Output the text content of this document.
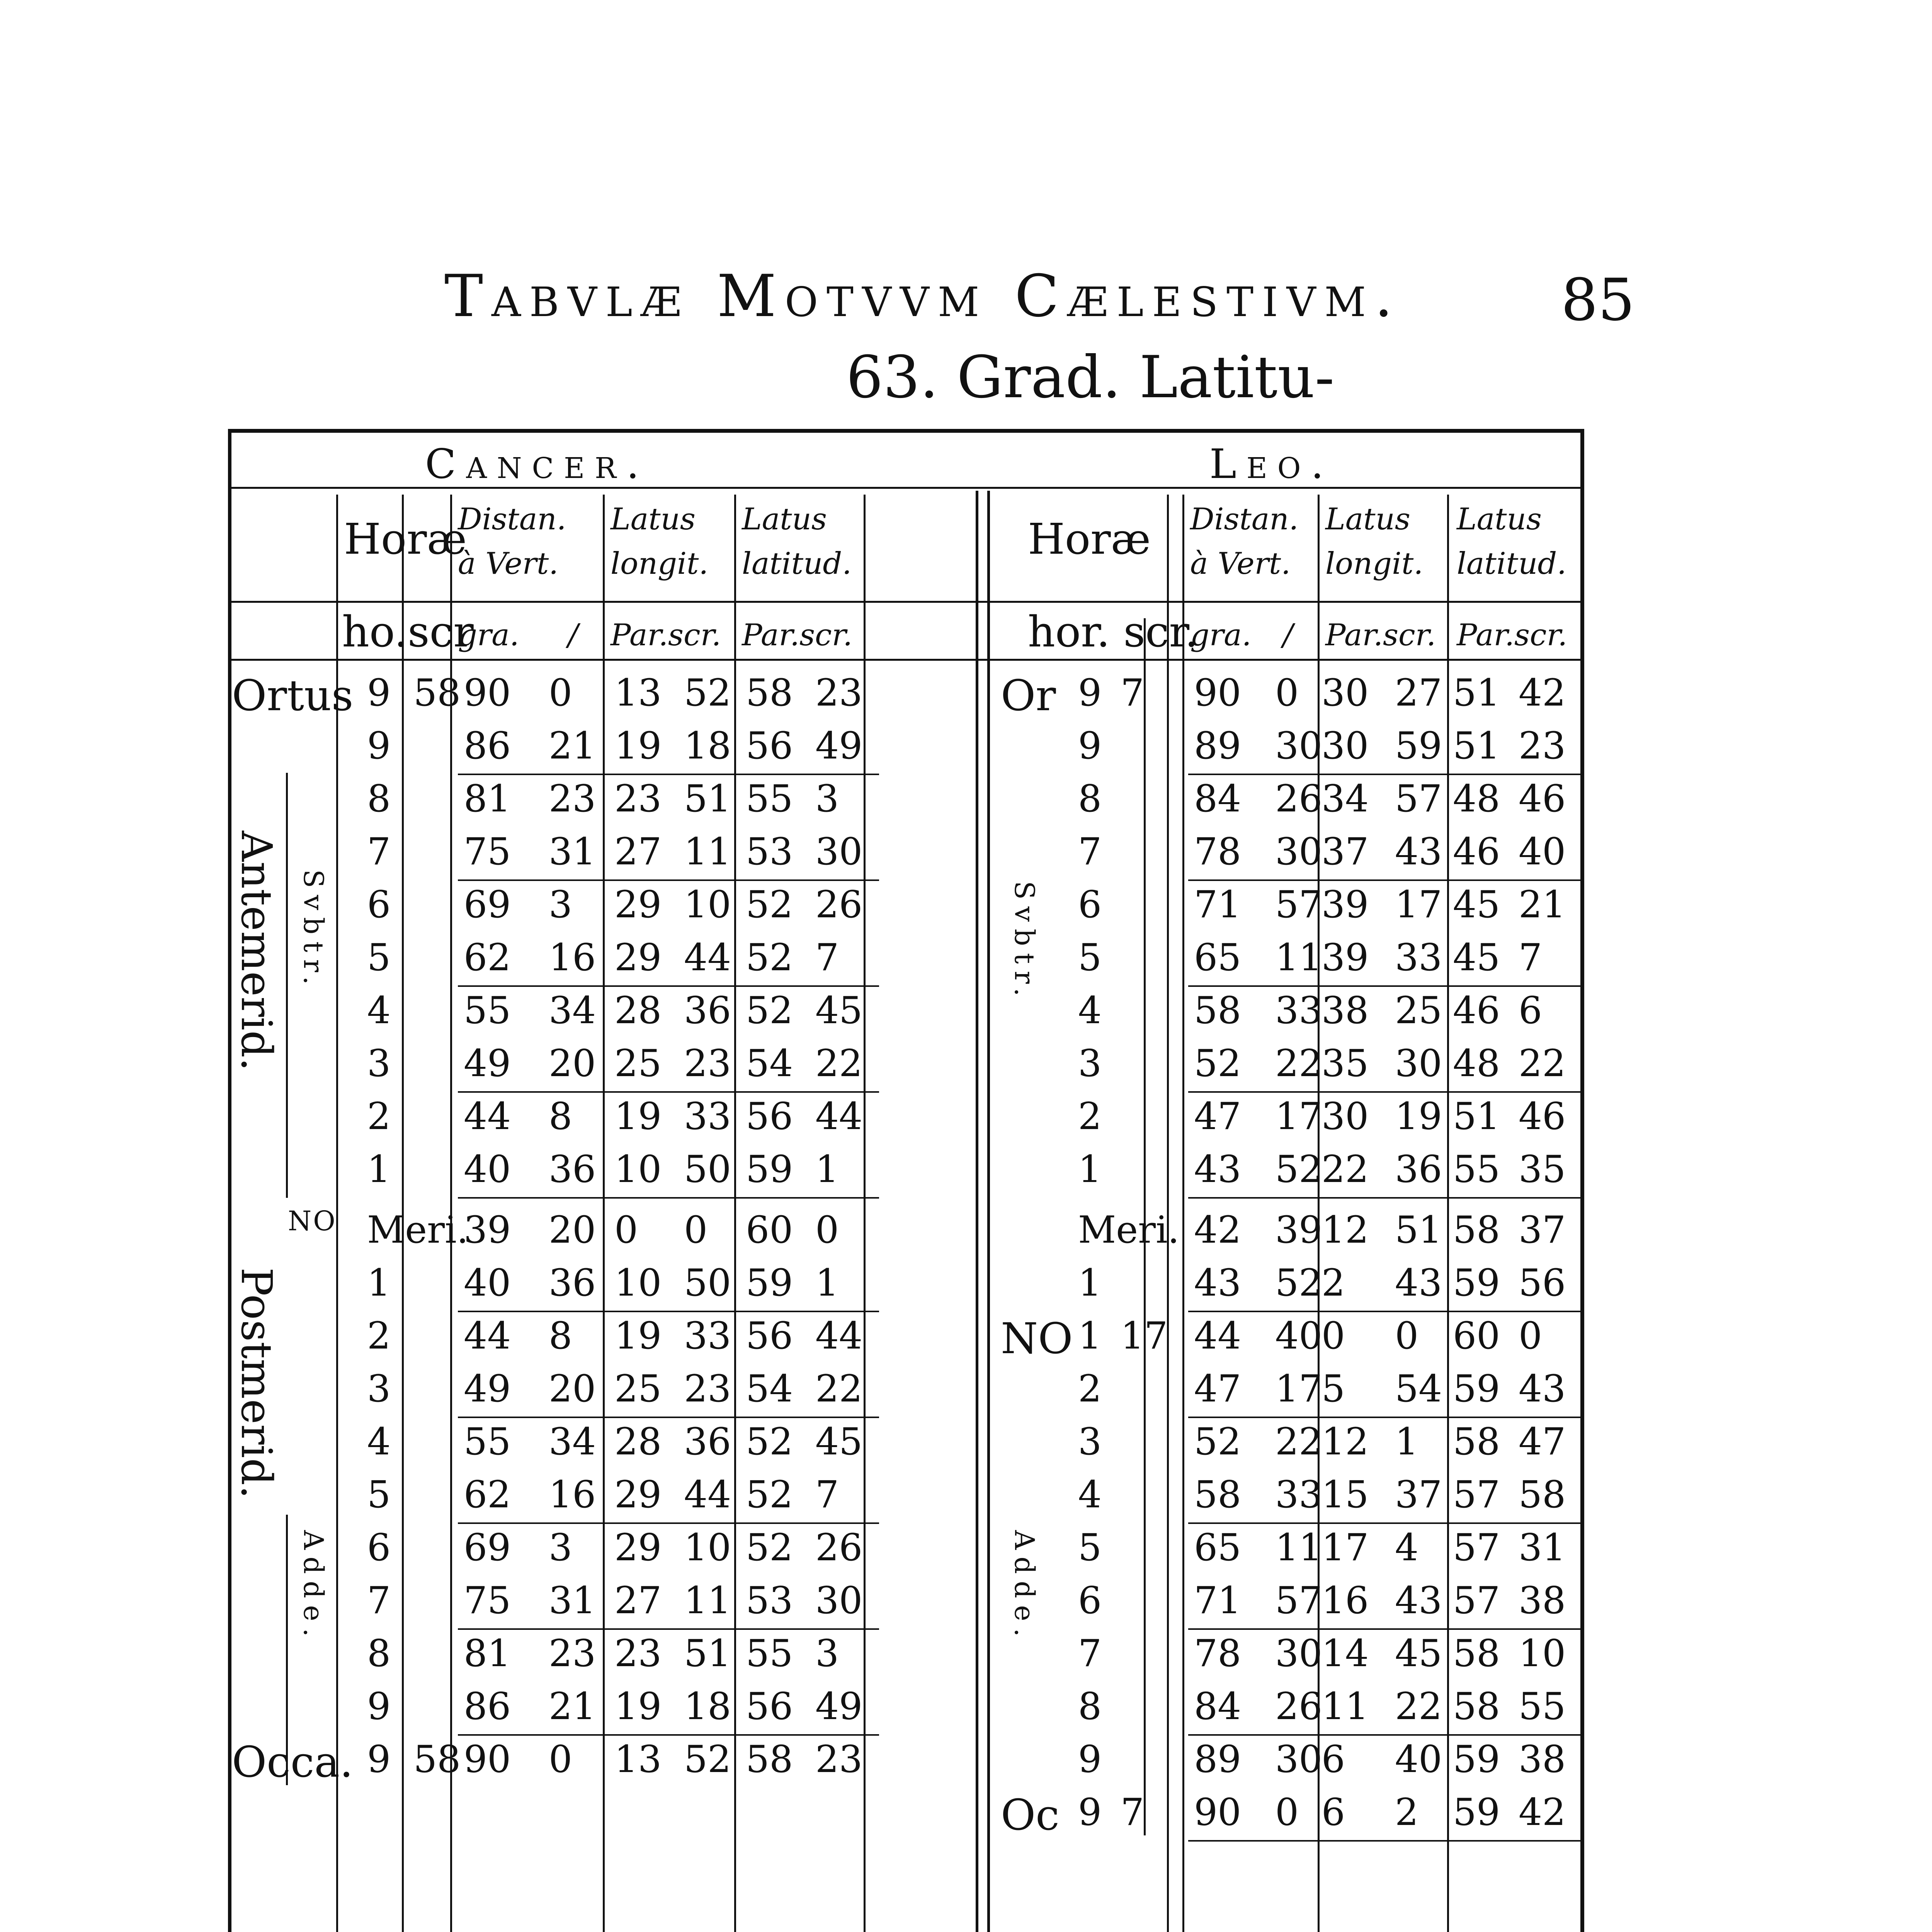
Tabvlæ Motvvm Cælestivm.	85
63. Grad. Latitu-
Cancer.	Leo.
Horæ
Distan.
à Vert.
Latus
longit.
Latus
latitud.
ho.scr
gra. / Par.scr. Par.scr.
Horæ Distan.
à Vert.
Latus
longit.
Latus
latitud.
hor. scr.
gra. / Par.scr. Par.scr.
Antemerid.
Postmerid.
Svbtr.
Adde.
Svbtr.
Adde.
NO
Ortus 9 58 90 0 13 52 58 23
9 86 21 19 18 56 49
8 81 23 23 51 55 3
7 75 31 27 11 53 30
6 69 3 29 10 52 26
5 62 16 29 44 52 7
4 55 34 28 36 52 45
3 49 20 25 23 54 22
2 44 8 19 33 56 44
1 40 36 10 50 59 1
Meri.
39 20 0 0 60 0
1 40 36 10 50 59 1
2 44 8 19 33 56 44
3 49 20 25 23 54 22
4 55 34 28 36 52 45
5 62 16 29 44 52 7
6 69 3 29 10 52 26
7 75 31 27 11 53 30
8 81 23 23 51 55 3
9 86 21 19 18 56 49
Occa. 9 58 90 0 13 52 58 23
Or 9 7 90 0 30 27 51 42
9 89 30
30 59 51 23
8 84 26
34 57 48 46
7 78 30
37 43 46 40
6 71 57
39 17 45 21
5 65 11
39 33 45 7
4 58 33
38 25 46 6
3 52 22
35 30 48 22
2 47 17
30 19 51 46
1 43 52
22 36 55 35
Meri. 42 39
12 51 58 37
1 43 52
2 43 59 56
NO 1 17 44 40
0 0 60 0
2 47 17
5 54 59 43
3 52 22
12 1 58 47
4 58 33
15 37 57 58
5 65 11
17 4 57 31
6 71 57
16 43 57 38
7 78 30
14 45 58 10
8 84 26
11 22 58 55
9 89 30
6 40 59 38
Oc 9 7 90 0 6 2 59 42
